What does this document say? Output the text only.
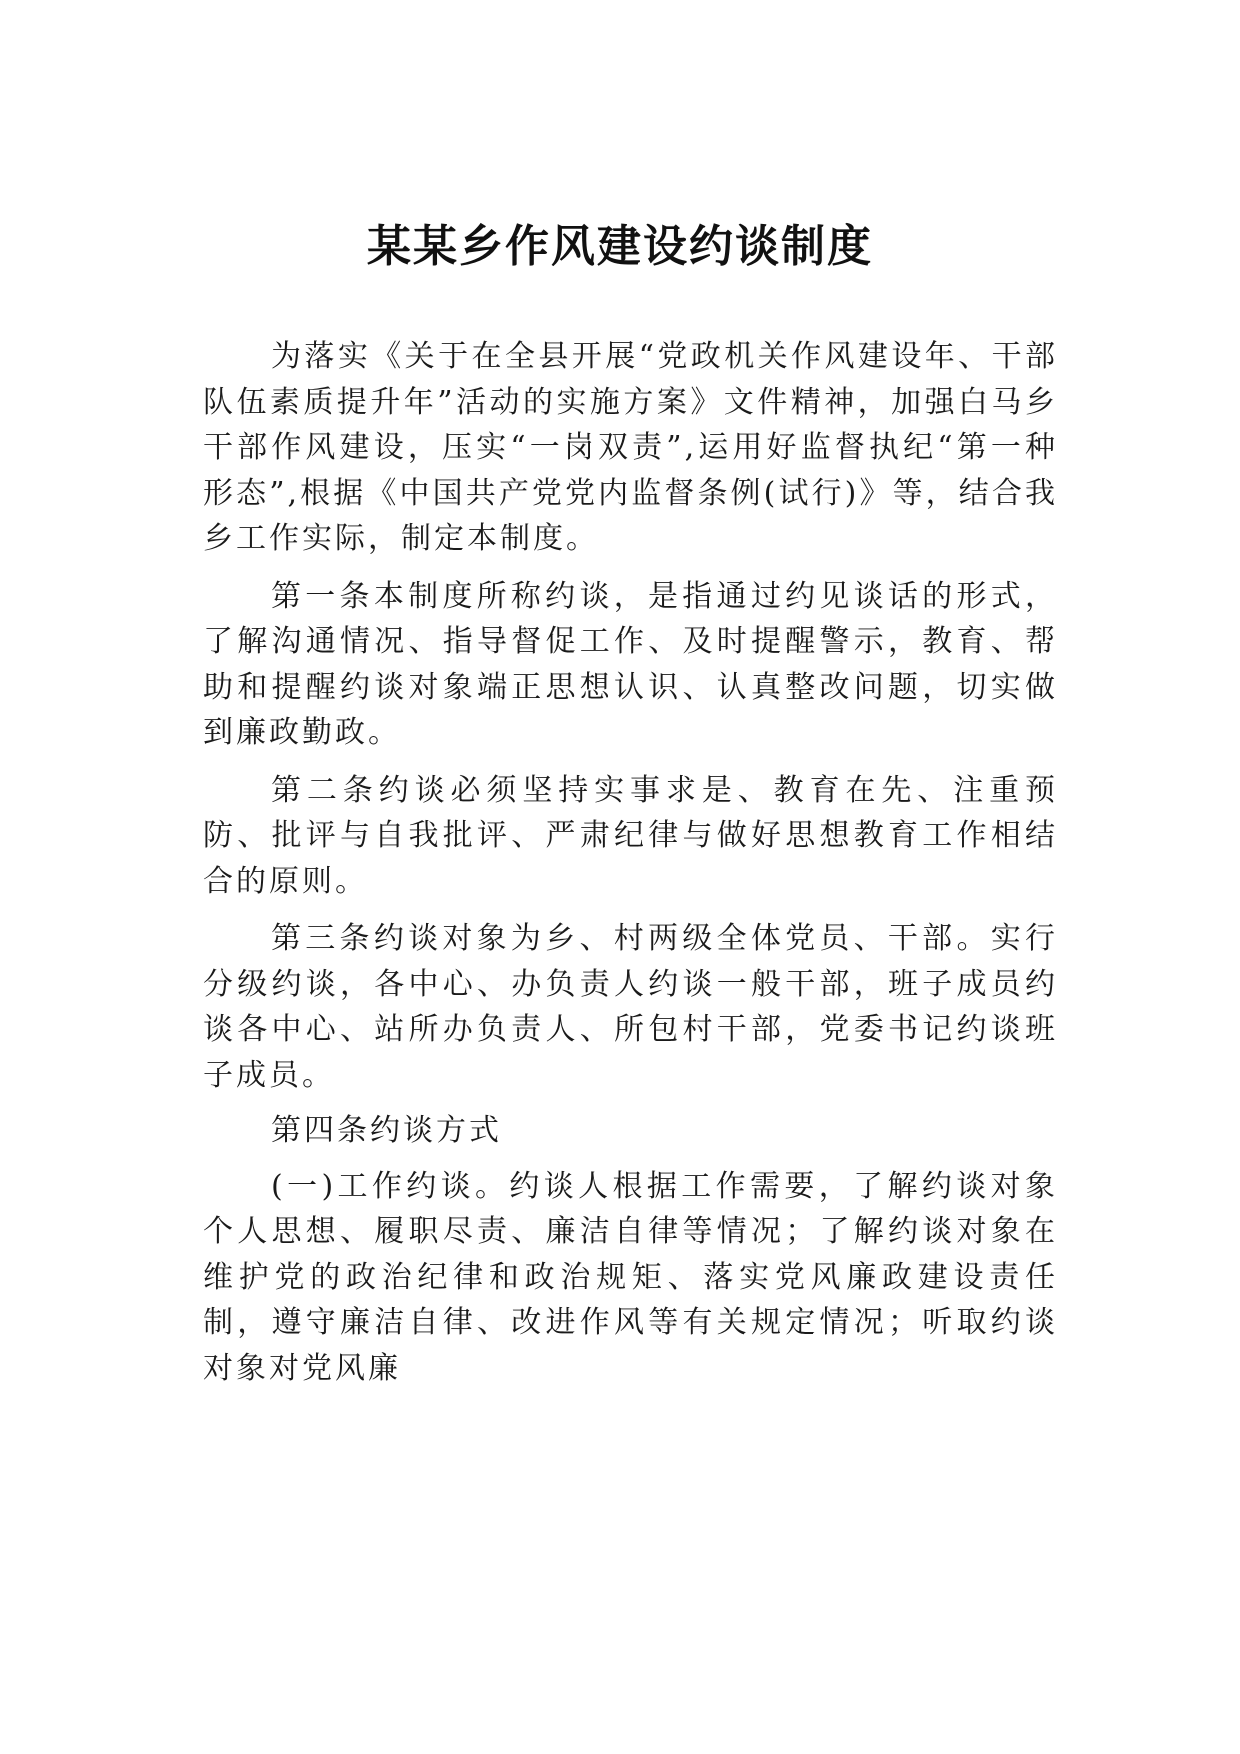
某某乡作风建设约谈制度

为落实《关于在全县开展“党政机关作风建设年、干部队伍素质提升年”活动的实施方案》文件精神，加强白马乡干部作风建设，压实“一岗双责”,运用好监督执纪“第一种形态”,根据《中国共产党党内监督条例(试行)》等，结合我乡工作实际，制定本制度。

第一条本制度所称约谈，是指通过约见谈话的形式，了解沟通情况、指导督促工作、及时提醒警示，教育、帮助和提醒约谈对象端正思想认识、认真整改问题，切实做到廉政勤政。

第二条约谈必须坚持实事求是、教育在先、注重预防、批评与自我批评、严肃纪律与做好思想教育工作相结合的原则。

第三条约谈对象为乡、村两级全体党员、干部。实行分级约谈，各中心、办负责人约谈一般干部，班子成员约谈各中心、站所办负责人、所包村干部，党委书记约谈班子成员。

第四条约谈方式

(一)工作约谈。约谈人根据工作需要，了解约谈对象个人思想、履职尽责、廉洁自律等情况；了解约谈对象在维护党的政治纪律和政治规矩、落实党风廉政建设责任制，遵守廉洁自律、改进作风等有关规定情况；听取约谈对象对党风廉
